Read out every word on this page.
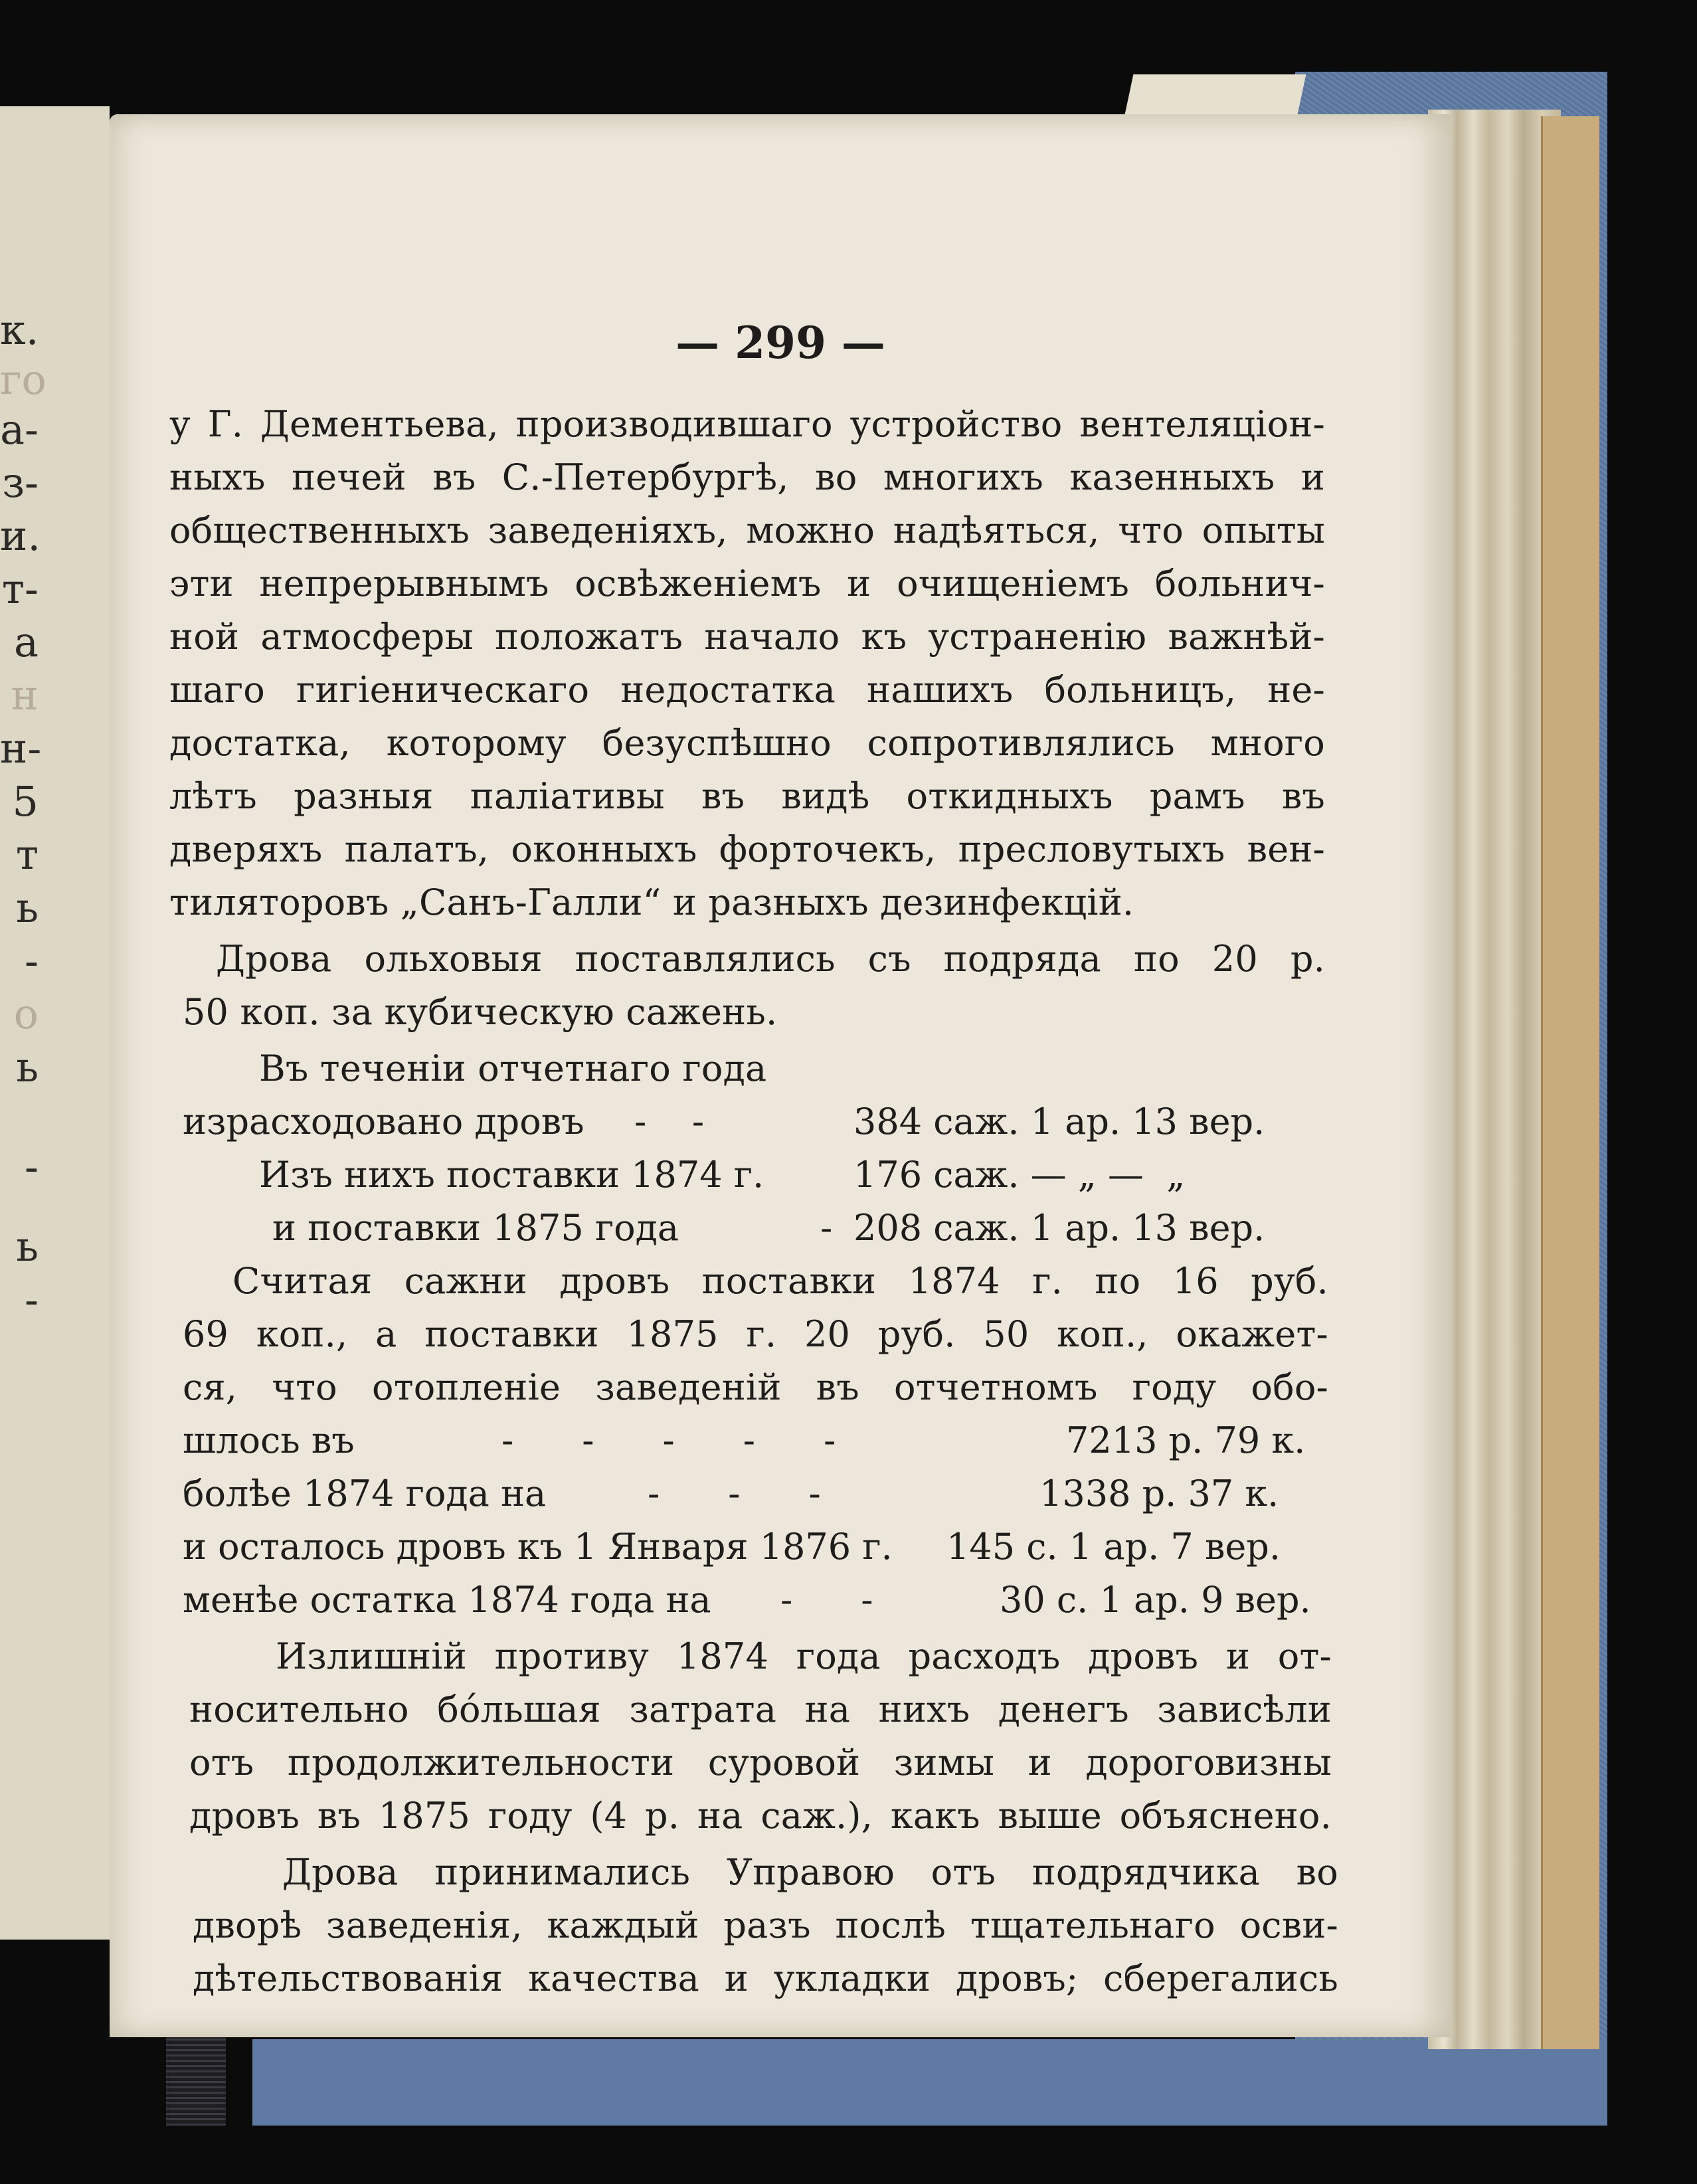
к.
го
а-
з-
и.
т-
а
н
н-
5
т
ь
-
о
ь
-
ь
-
— 299 —
у Г. Дементьева, производившаго устройство вентеляціон-
ныхъ печей въ С.-Петербургѣ, во многихъ казенныхъ и
общественныхъ заведеніяхъ, можно надѣяться, что опыты
эти непрерывнымъ освѣженіемъ и очищеніемъ больнич-
ной атмосферы положатъ начало къ устраненію важнѣй-
шаго гигіеническаго недостатка нашихъ больницъ, не-
достатка, которому безуспѣшно сопротивлялись много
лѣтъ разныя паліативы въ видѣ откидныхъ рамъ въ
дверяхъ палатъ, оконныхъ форточекъ, пресловутыхъ вен-
тиляторовъ „Санъ-Галли“ и разныхъ дезинфекцій.
Дрова ольховыя поставлялись съ подряда по 20 р.
50 коп. за кубическую сажень.
Въ теченіи отчетнаго года
израсходовано дровъ -    -	384 саж. 1 ар. 13 вер.
Изъ нихъ поставки 1874 г. 176 саж. — „ —  „
и поставки 1875 года	- 208 саж. 1 ар. 13 вер.
Считая сажни дровъ поставки 1874 г. по 16 руб.
69 коп., а поставки 1875 г. 20 руб. 50 коп., окажет-
ся, что отопленіе заведеній въ отчетномъ году обо-
шлось въ	-      -      -      -      -	7213 р. 79 к.
болѣе 1874 года на	-      -      -	1338 р. 37 к.
и осталось дровъ къ 1 Января 1876 г. 145 с. 1 ар. 7 вер.
менѣе остатка 1874 года на -      -	30 с. 1 ар. 9 вер.
Излишній противу 1874 года расходъ дровъ и от-
носительно бо́льшая затрата на нихъ денегъ зависѣли
отъ продолжительности суровой зимы и дороговизны
дровъ въ 1875 году (4 р. на саж.), какъ выше объяснено.
Дрова принимались Управою отъ подрядчика во
дворѣ заведенія, каждый разъ послѣ тщательнаго осви-
дѣтельствованія качества и укладки дровъ; сберегались
